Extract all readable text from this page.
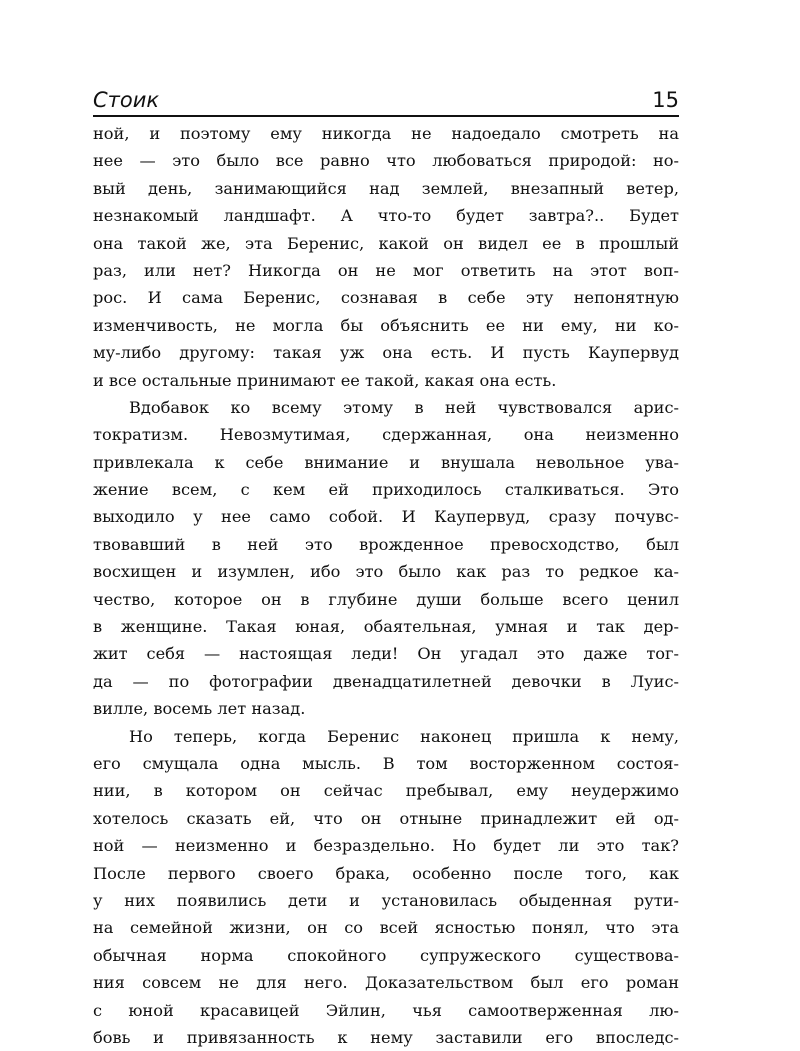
Стоик	15
ной, и поэтому ему никогда не надоедало смотреть на
нее — это было все равно что любоваться природой: но-
вый день, занимающийся над землей, внезапный ветер,
незнакомый ландшафт. А что-то будет завтра?.. Будет
она такой же, эта Беренис, какой он видел ее в прошлый
раз, или нет? Никогда он не мог ответить на этот воп-
рос. И сама Беренис, сознавая в себе эту непонятную
изменчивость, не могла бы объяснить ее ни ему, ни ко-
му-либо другому: такая уж она есть. И пусть Каупервуд
и все остальные принимают ее такой, какая она есть.
Вдобавок ко всему этому в ней чувствовался арис-
тократизм. Невозмутимая, сдержанная, она неизменно
привлекала к себе внимание и внушала невольное ува-
жение всем, с кем ей приходилось сталкиваться. Это
выходило у нее само собой. И Каупервуд, сразу почувс-
твовавший в ней это врожденное превосходство, был
восхищен и изумлен, ибо это было как раз то редкое ка-
чество, которое он в глубине души больше всего ценил
в женщине. Такая юная, обаятельная, умная и так дер-
жит себя — настоящая леди! Он угадал это даже тог-
да — по фотографии двенадцатилетней девочки в Луис-
вилле, восемь лет назад.
Но теперь, когда Беренис наконец пришла к нему,
его смущала одна мысль. В том восторженном состоя-
нии, в котором он сейчас пребывал, ему неудержимо
хотелось сказать ей, что он отныне принадлежит ей од-
ной — неизменно и безраздельно. Но будет ли это так?
После первого своего брака, особенно после того, как
у них появились дети и установилась обыденная рути-
на семейной жизни, он со всей ясностью понял, что эта
обычная норма спокойного супружеского существова-
ния совсем не для него. Доказательством был его роман
с юной красавицей Эйлин, чья самоотверженная лю-
бовь и привязанность к нему заставили его впоследс-
